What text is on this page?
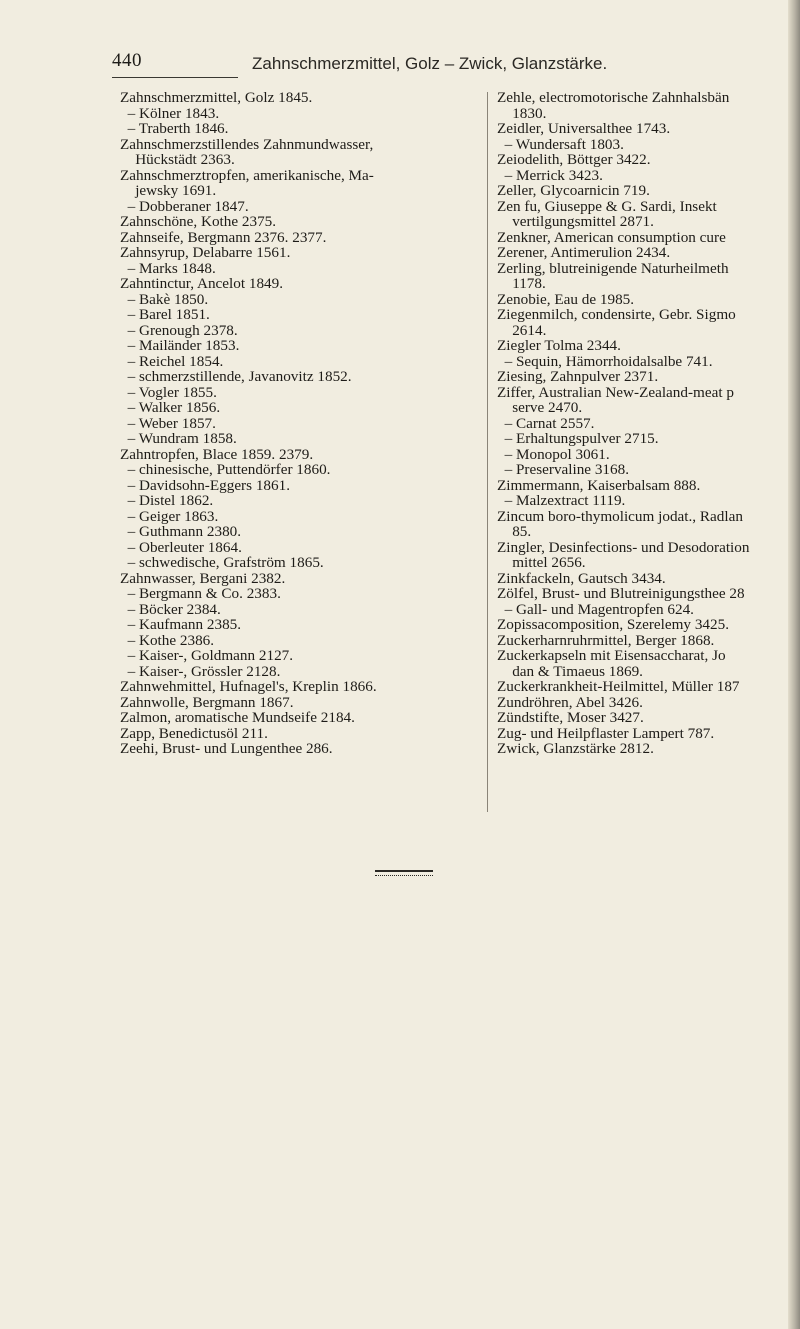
440	Zahnschmerzmittel, Golz – Zwick, Glanzstärke.

Zahnschmerzmittel, Golz 1845.

– Kölner 1843.

– Traberth 1846.

Zahnschmerzstillendes Zahnmundwasser,

Hückstädt 2363.

Zahnschmerztropfen, amerikanische, Ma-

jewsky 1691.

– Dobberaner 1847.

Zahnschöne, Kothe 2375.

Zahnseife, Bergmann 2376. 2377.

Zahnsyrup, Delabarre 1561.

– Marks 1848.

Zahntinctur, Ancelot 1849.

– Bakè 1850.

– Barel 1851.

– Grenough 2378.

– Mailänder 1853.

– Reichel 1854.

– schmerzstillende, Javanovitz 1852.

– Vogler 1855.

– Walker 1856.

– Weber 1857.

– Wundram 1858.

Zahntropfen, Blace 1859. 2379.

– chinesische, Puttendörfer 1860.

– Davidsohn-Eggers 1861.

– Distel 1862.

– Geiger 1863.

– Guthmann 2380.

– Oberleuter 1864.

– schwedische, Grafström 1865.

Zahnwasser, Bergani 2382.

– Bergmann & Co. 2383.

– Böcker 2384.

– Kaufmann 2385.

– Kothe 2386.

– Kaiser-, Goldmann 2127.

– Kaiser-, Grössler 2128.

Zahnwehmittel, Hufnagel's, Kreplin 1866.

Zahnwolle, Bergmann 1867.

Zalmon, aromatische Mundseife 2184.

Zapp, Benedictusöl 211.

Zeehi, Brust- und Lungenthee 286.

Zehle, electromotorische Zahnhalsbän

1830.

Zeidler, Universalthee 1743.

– Wundersaft 1803.

Zeiodelith, Böttger 3422.

– Merrick 3423.

Zeller, Glycoarnicin 719.

Zen fu, Giuseppe & G. Sardi, Insekt

vertilgungsmittel 2871.

Zenkner, American consumption cure

Zerener, Antimerulion 2434.

Zerling, blutreinigende Naturheilmeth

1178.

Zenobie, Eau de 1985.

Ziegenmilch, condensirte, Gebr. Sigmo

2614.

Ziegler Tolma 2344.

– Sequin, Hämorrhoidalsalbe 741.

Ziesing, Zahnpulver 2371.

Ziffer, Australian New-Zealand-meat p

serve 2470.

– Carnat 2557.

– Erhaltungspulver 2715.

– Monopol 3061.

– Preservaline 3168.

Zimmermann, Kaiserbalsam 888.

– Malzextract 1119.

Zincum boro-thymolicum jodat., Radlan

85.

Zingler, Desinfections- und Desodoration

mittel 2656.

Zinkfackeln, Gautsch 3434.

Zölfel, Brust- und Blutreinigungsthee 28

– Gall- und Magentropfen 624.

Zopissacomposition, Szerelemy 3425.

Zuckerharnruhrmittel, Berger 1868.

Zuckerkapseln mit Eisensaccharat, Jo

dan & Timaeus 1869.

Zuckerkrankheit-Heilmittel, Müller 187

Zundröhren, Abel 3426.

Zündstifte, Moser 3427.

Zug- und Heilpflaster Lampert 787.

Zwick, Glanzstärke 2812.
